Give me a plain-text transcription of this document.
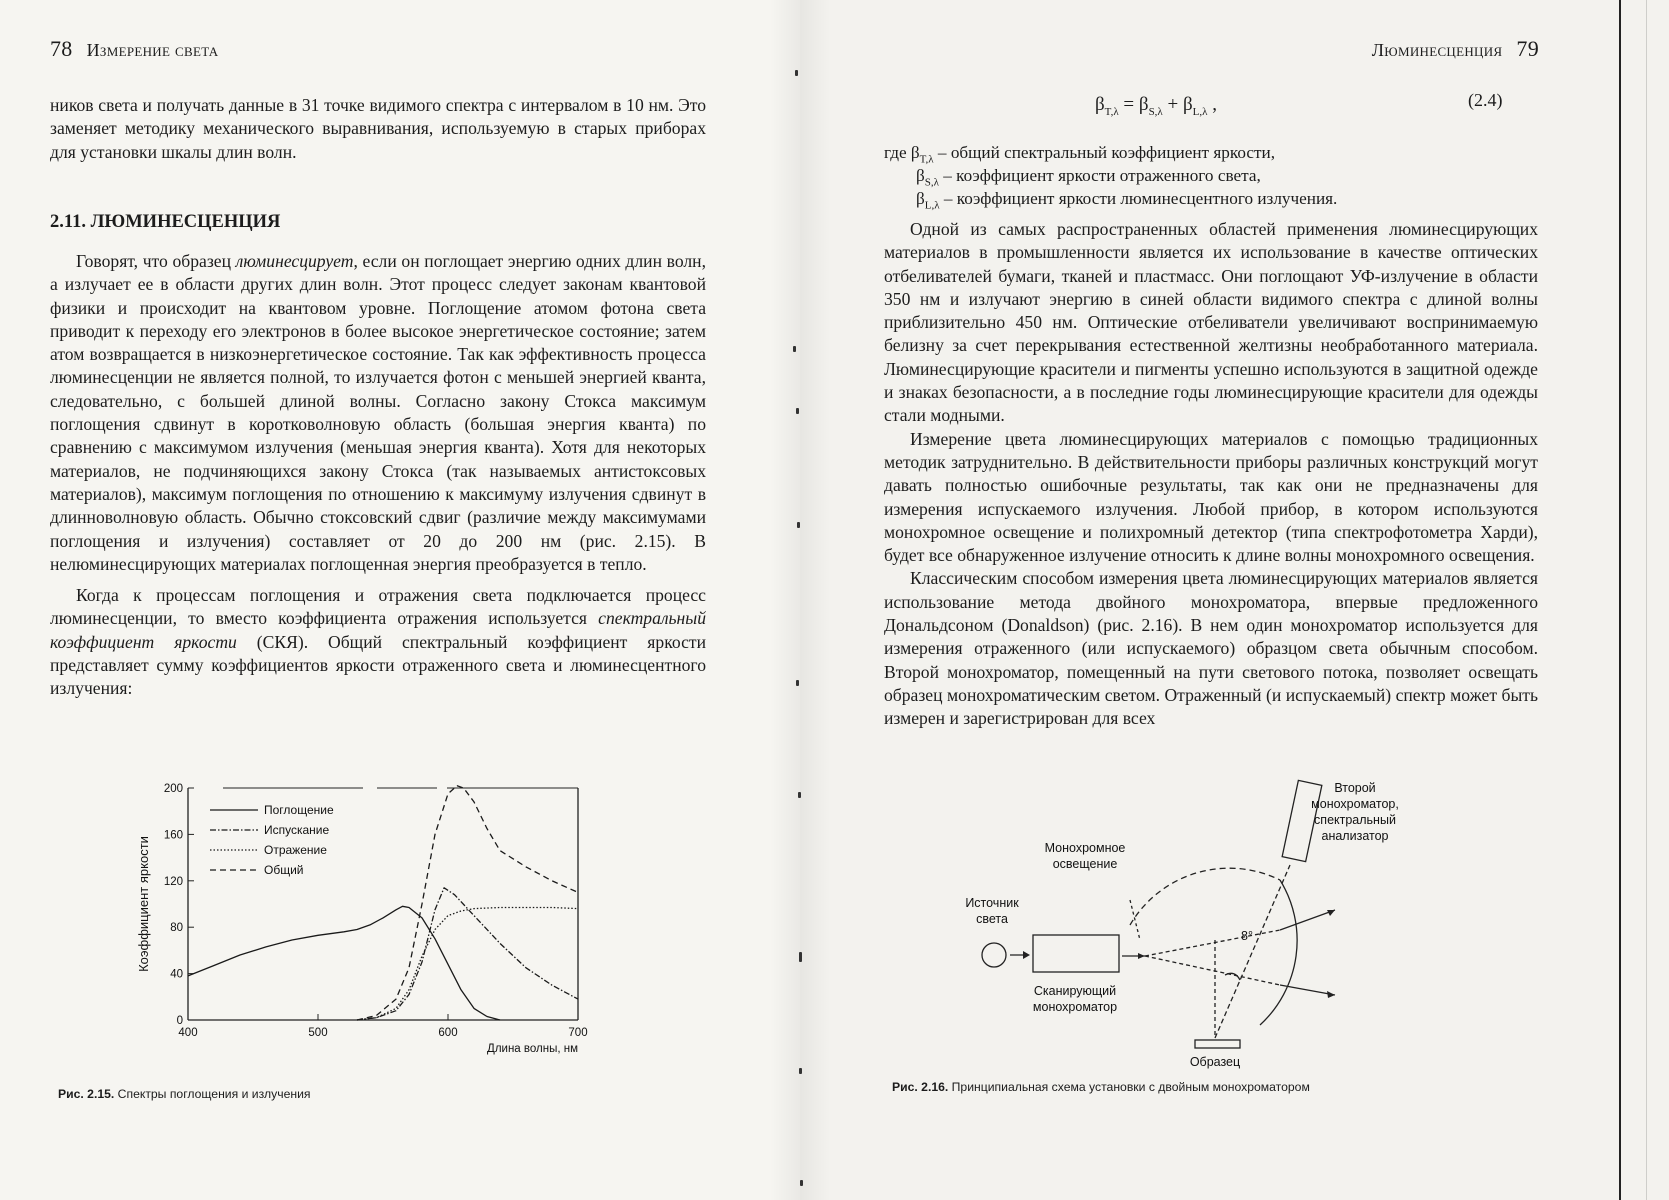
78 Измерение света

ников света и получать данные в 31 точке видимого спектра с интервалом в 10 нм. Это заменяет методику механического выравнивания, используемую в старых приборах для установки шкалы длин волн.

2.11. ЛЮМИНЕСЦЕНЦИЯ

Говорят, что образец люминесцирует, если он поглощает энергию одних длин волн, а излучает ее в области других длин волн. Этот процесс следует законам квантовой физики и происходит на квантовом уровне. Поглощение атомом фотона света приводит к переходу его электронов в более высокое энергетическое состояние; затем атом возвращается в низкоэнергетическое состояние. Так как эффективность процесса люминесценции не является полной, то излучается фотон с меньшей энергией кванта, следовательно, с большей длиной волны. Согласно закону Стокса максимум поглощения сдвинут в коротковолновую область (большая энергия кванта) по сравнению с максимумом излучения (меньшая энергия кванта). Хотя для некоторых материалов, не подчиняющихся закону Стокса (так называемых антистоксовых материалов), максимум поглощения по отношению к максимуму излучения сдвинут в длинноволновую область. Обычно стоксовский сдвиг (различие между максимумами поглощения и излучения) составляет от 20 до 200 нм (рис. 2.15). В нелюминесцирующих материалах поглощенная энергия преобразуется в тепло.

Когда к процессам поглощения и отражения света подключается процесс люминесценции, то вместо коэффициента отражения используется спектральный коэффициент яркости (СКЯ). Общий спектральный коэффициент яркости представляет сумму коэффициентов яркости отраженного света и люминесцентного излучения:

0
40
80
120
160
200
400	500	600	700
Длина волны, нм
Коэффициент яркости
Поглощение
Испускание
Отражение
Общий
Рис. 2.15. Спектры поглощения и излучения
Люминесценция 79
$\beta_{T,\lambda} = \beta_{S,\lambda} + \beta_{L,\lambda}$ ,	(2.4)
где $\beta_{T,\lambda}$ – общий спектральный коэффициент яркости,
$\beta_{S,\lambda}$ – коэффициент яркости отраженного света,
$\beta_{L,\lambda}$ – коэффициент яркости люминесцентного излучения.

Одной из самых распространенных областей применения люминесцирующих материалов в промышленности является их использование в качестве оптических отбеливателей бумаги, тканей и пластмасс. Они поглощают УФ-излучение в области 350 нм и излучают энергию в синей области видимого спектра с длиной волны приблизительно 450 нм. Оптические отбеливатели увеличивают воспринимаемую белизну за счет перекрывания естественной желтизны необработанного материала. Люминесцирующие красители и пигменты успешно используются в защитной одежде и знаках безопасности, а в последние годы люминесцирующие красители для одежды стали модными.

Измерение цвета люминесцирующих материалов с помощью традиционных методик затруднительно. В действительности приборы различных конструкций могут давать полностью ошибочные результаты, так как они не предназначены для измерения испускаемого излучения. Любой прибор, в котором используются монохромное освещение и полихромный детектор (типа спектрофотометра Харди), будет все обнаруженное излучение относить к длине волны монохромного освещения.

Классическим способом измерения цвета люминесцирующих материалов является использование метода двойного монохроматора, впервые предложенного Дональдсоном (Donaldson) (рис. 2.16). В нем один монохроматор используется для измерения отраженного (или испускаемого) образцом света обычным способом. Второй монохроматор, помещенный на пути светового потока, позволяет освещать образец монохроматическим светом. Отраженный (и испускаемый) спектр может быть измерен и зарегистрирован для всех

Второй
монохроматор,
спектральный
анализатор
Монохромное
освещение
Источник
света
Сканирующий
монохроматор
8°
Образец
Рис. 2.16. Принципиальная схема установки с двойным монохроматором
